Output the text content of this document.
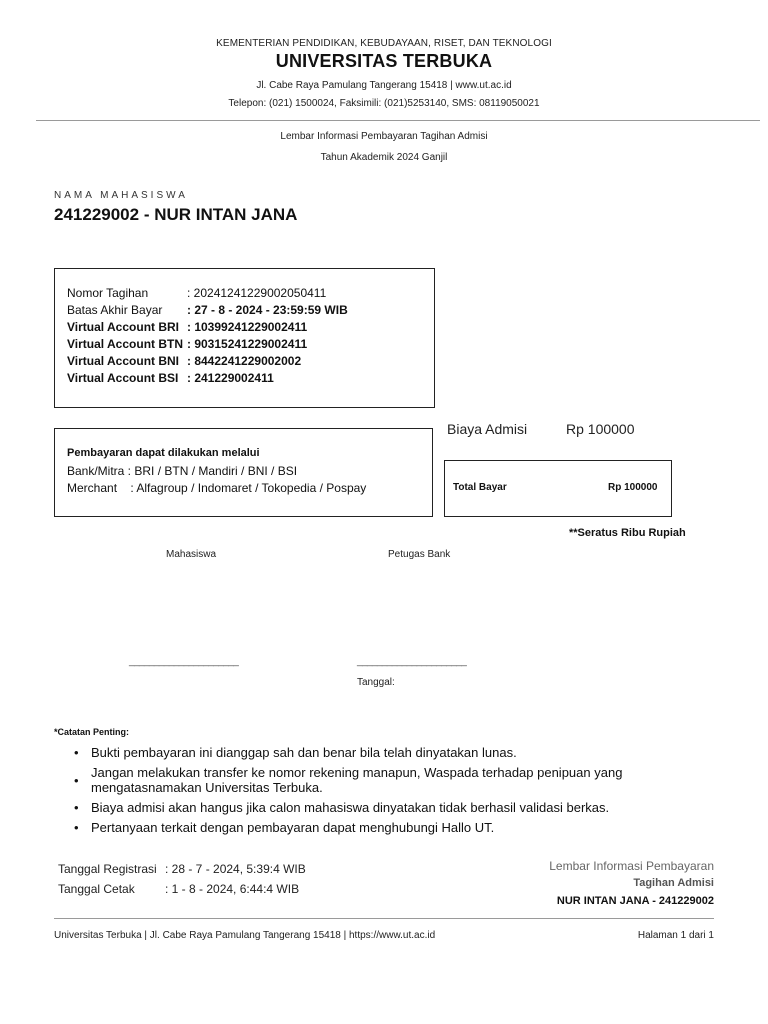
KEMENTERIAN PENDIDIKAN, KEBUDAYAAN, RISET, DAN TEKNOLOGI
UNIVERSITAS TERBUKA
Jl. Cabe Raya Pamulang Tangerang 15418 | www.ut.ac.id
Telepon: (021) 1500024, Faksimili: (021)5253140, SMS: 08119050021
Lembar Informasi Pembayaran Tagihan Admisi
Tahun Akademik 2024 Ganjil
NAMA MAHASISWA
241229002 - NUR INTAN JANA
Nomor Tagihan	: 20241241229002050411
Batas Akhir Bayar : 27 - 8 - 2024 - 23:59:59 WIB
Virtual Account BRI : 10399241229002411
Virtual Account BTN : 90315241229002411
Virtual Account BNI : 8442241229002002
Virtual Account BSI : 241229002411
Pembayaran dapat dilakukan melalui
Bank/Mitra : BRI / BTN / Mandiri / BNI / BSI
Merchant    : Alfagroup / Indomaret / Tokopedia / Pospay
Biaya Admisi	Rp 100000
Total Bayar	Rp 100000
**Seratus Ribu Rupiah
Mahasiswa	Petugas Bank
______________________	______________________
Tanggal:
*Catatan Penting:
• Bukti pembayaran ini dianggap sah dan benar bila telah dinyatakan lunas.
•
Jangan melakukan transfer ke nomor rekening manapun, Waspada terhadap penipuan yang mengatasnamakan Universitas Terbuka.
• Biaya admisi akan hangus jika calon mahasiswa dinyatakan tidak berhasil validasi berkas.
• Pertanyaan terkait dengan pembayaran dapat menghubungi Hallo UT.
Tanggal Registrasi : 28 - 7 - 2024, 5:39:4 WIB
Tanggal Cetak	: 1 - 8 - 2024, 6:44:4 WIB
Lembar Informasi Pembayaran
Tagihan Admisi
NUR INTAN JANA - 241229002
Universitas Terbuka | Jl. Cabe Raya Pamulang Tangerang 15418 | https://www.ut.ac.id	Halaman 1 dari 1
